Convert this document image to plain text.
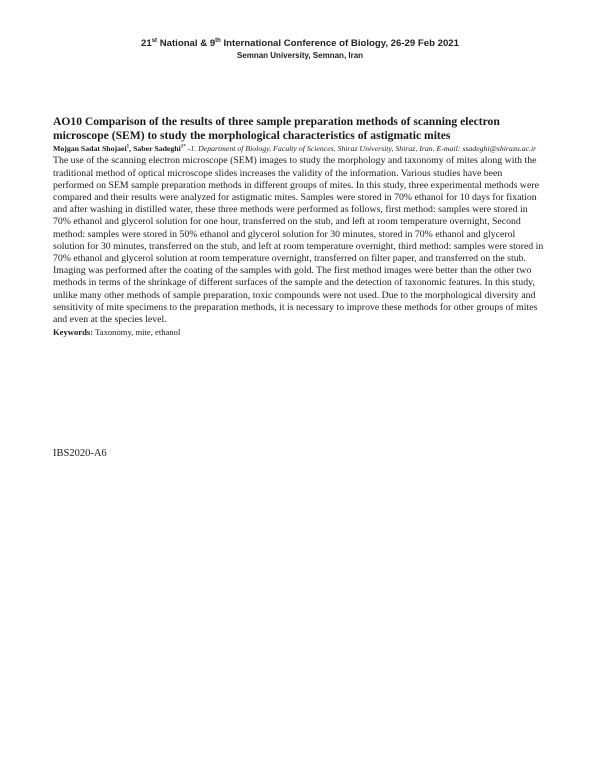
21st National & 9th International Conference of Biology, 26-29 Feb 2021
Semnan University, Semnan, Iran

AO10 Comparison of the results of three sample preparation methods of scanning electron microscope (SEM) to study the morphological characteristics of astigmatic mites

Mojgan Sadat Shojaei$^1$, Saber Sadeghi$^{1*}$ -1. Department of Biology, Faculty of Sciences, Shiraz University, Shiraz, Iran. E-mail: ssadeghi@shirazu.ac.ir
The use of the scanning electron microscope (SEM) images to study the morphology and taxonomy of mites along with the traditional method of optical microscope slides increases the validity of the information. Various studies have been performed on SEM sample preparation methods in different groups of mites. In this study, three experimental methods were compared and their results were analyzed for astigmatic mites. Samples were stored in 70% ethanol for 10 days for fixation and after washing in distilled water, these three methods were performed as follows, first method: samples were stored in 70% ethanol and glycerol solution for one hour, transferred on the stub, and left at room temperature overnight, Second method: samples were stored in 50% ethanol and glycerol solution for 30 minutes, stored in 70% ethanol and glycerol solution for 30 minutes, transferred on the stub, and left at room temperature overnight, third method: samples were stored in 70% ethanol and glycerol solution at room temperature overnight, transferred on filter paper, and transferred on the stub. Imaging was performed after the coating of the samples with gold. The first method images were better than the other two methods in terms of the shrinkage of different surfaces of the sample and the detection of taxonomic features. In this study, unlike many other methods of sample preparation, toxic compounds were not used. Due to the morphological diversity and sensitivity of mite specimens to the preparation methods, it is necessary to improve these methods for other groups of mites and even at the species level.
Keywords: Taxonomy, mite, ethanol
IBS2020-A6
